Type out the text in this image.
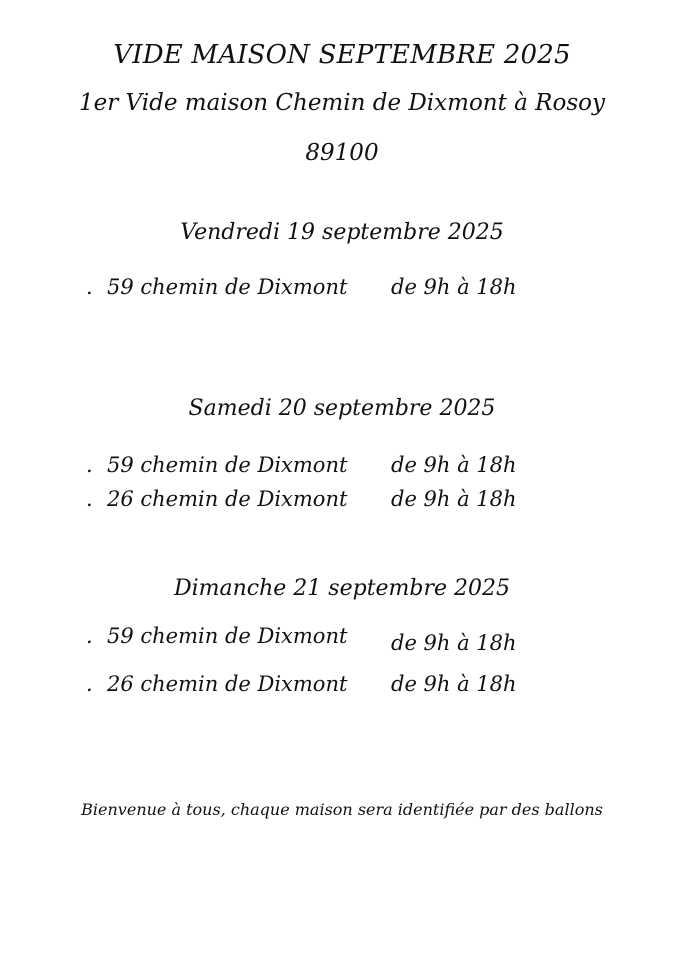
VIDE MAISON SEPTEMBRE 2025
1er Vide maison Chemin de Dixmont à Rosoy
89100
Vendredi 19 septembre 2025
. 59 chemin de Dixmont de 9h à 18h
Samedi 20 septembre 2025
. 59 chemin de Dixmont de 9h à 18h
. 26 chemin de Dixmont de 9h à 18h
Dimanche 21 septembre 2025
. 59 chemin de Dixmont de 9h à 18h
. 26 chemin de Dixmont de 9h à 18h
Bienvenue à tous, chaque maison sera identifiée par des ballons
